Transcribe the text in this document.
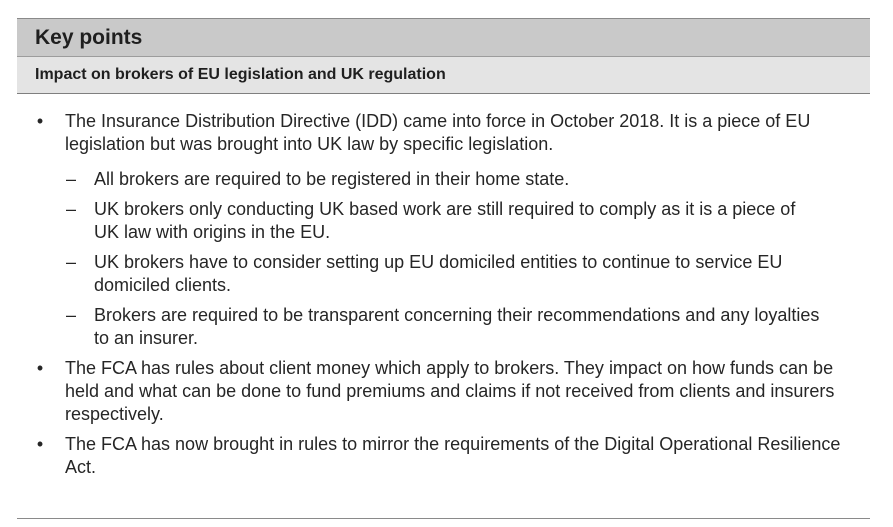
Key points
Impact on brokers of EU legislation and UK regulation
• The Insurance Distribution Directive (IDD) came into force in October 2018. It is a piece of EU legislation but was brought into UK law by specific legislation.
– All brokers are required to be registered in their home state.
– UK brokers only conducting UK based work are still required to comply as it is a piece of UK law with origins in the EU.
– UK brokers have to consider setting up EU domiciled entities to continue to service EU domiciled clients.
– Brokers are required to be transparent concerning their recommendations and any loyalties to an insurer.
• The FCA has rules about client money which apply to brokers. They impact on how funds can be held and what can be done to fund premiums and claims if not received from clients and insurers respectively.
• The FCA has now brought in rules to mirror the requirements of the Digital Operational Resilience Act.
